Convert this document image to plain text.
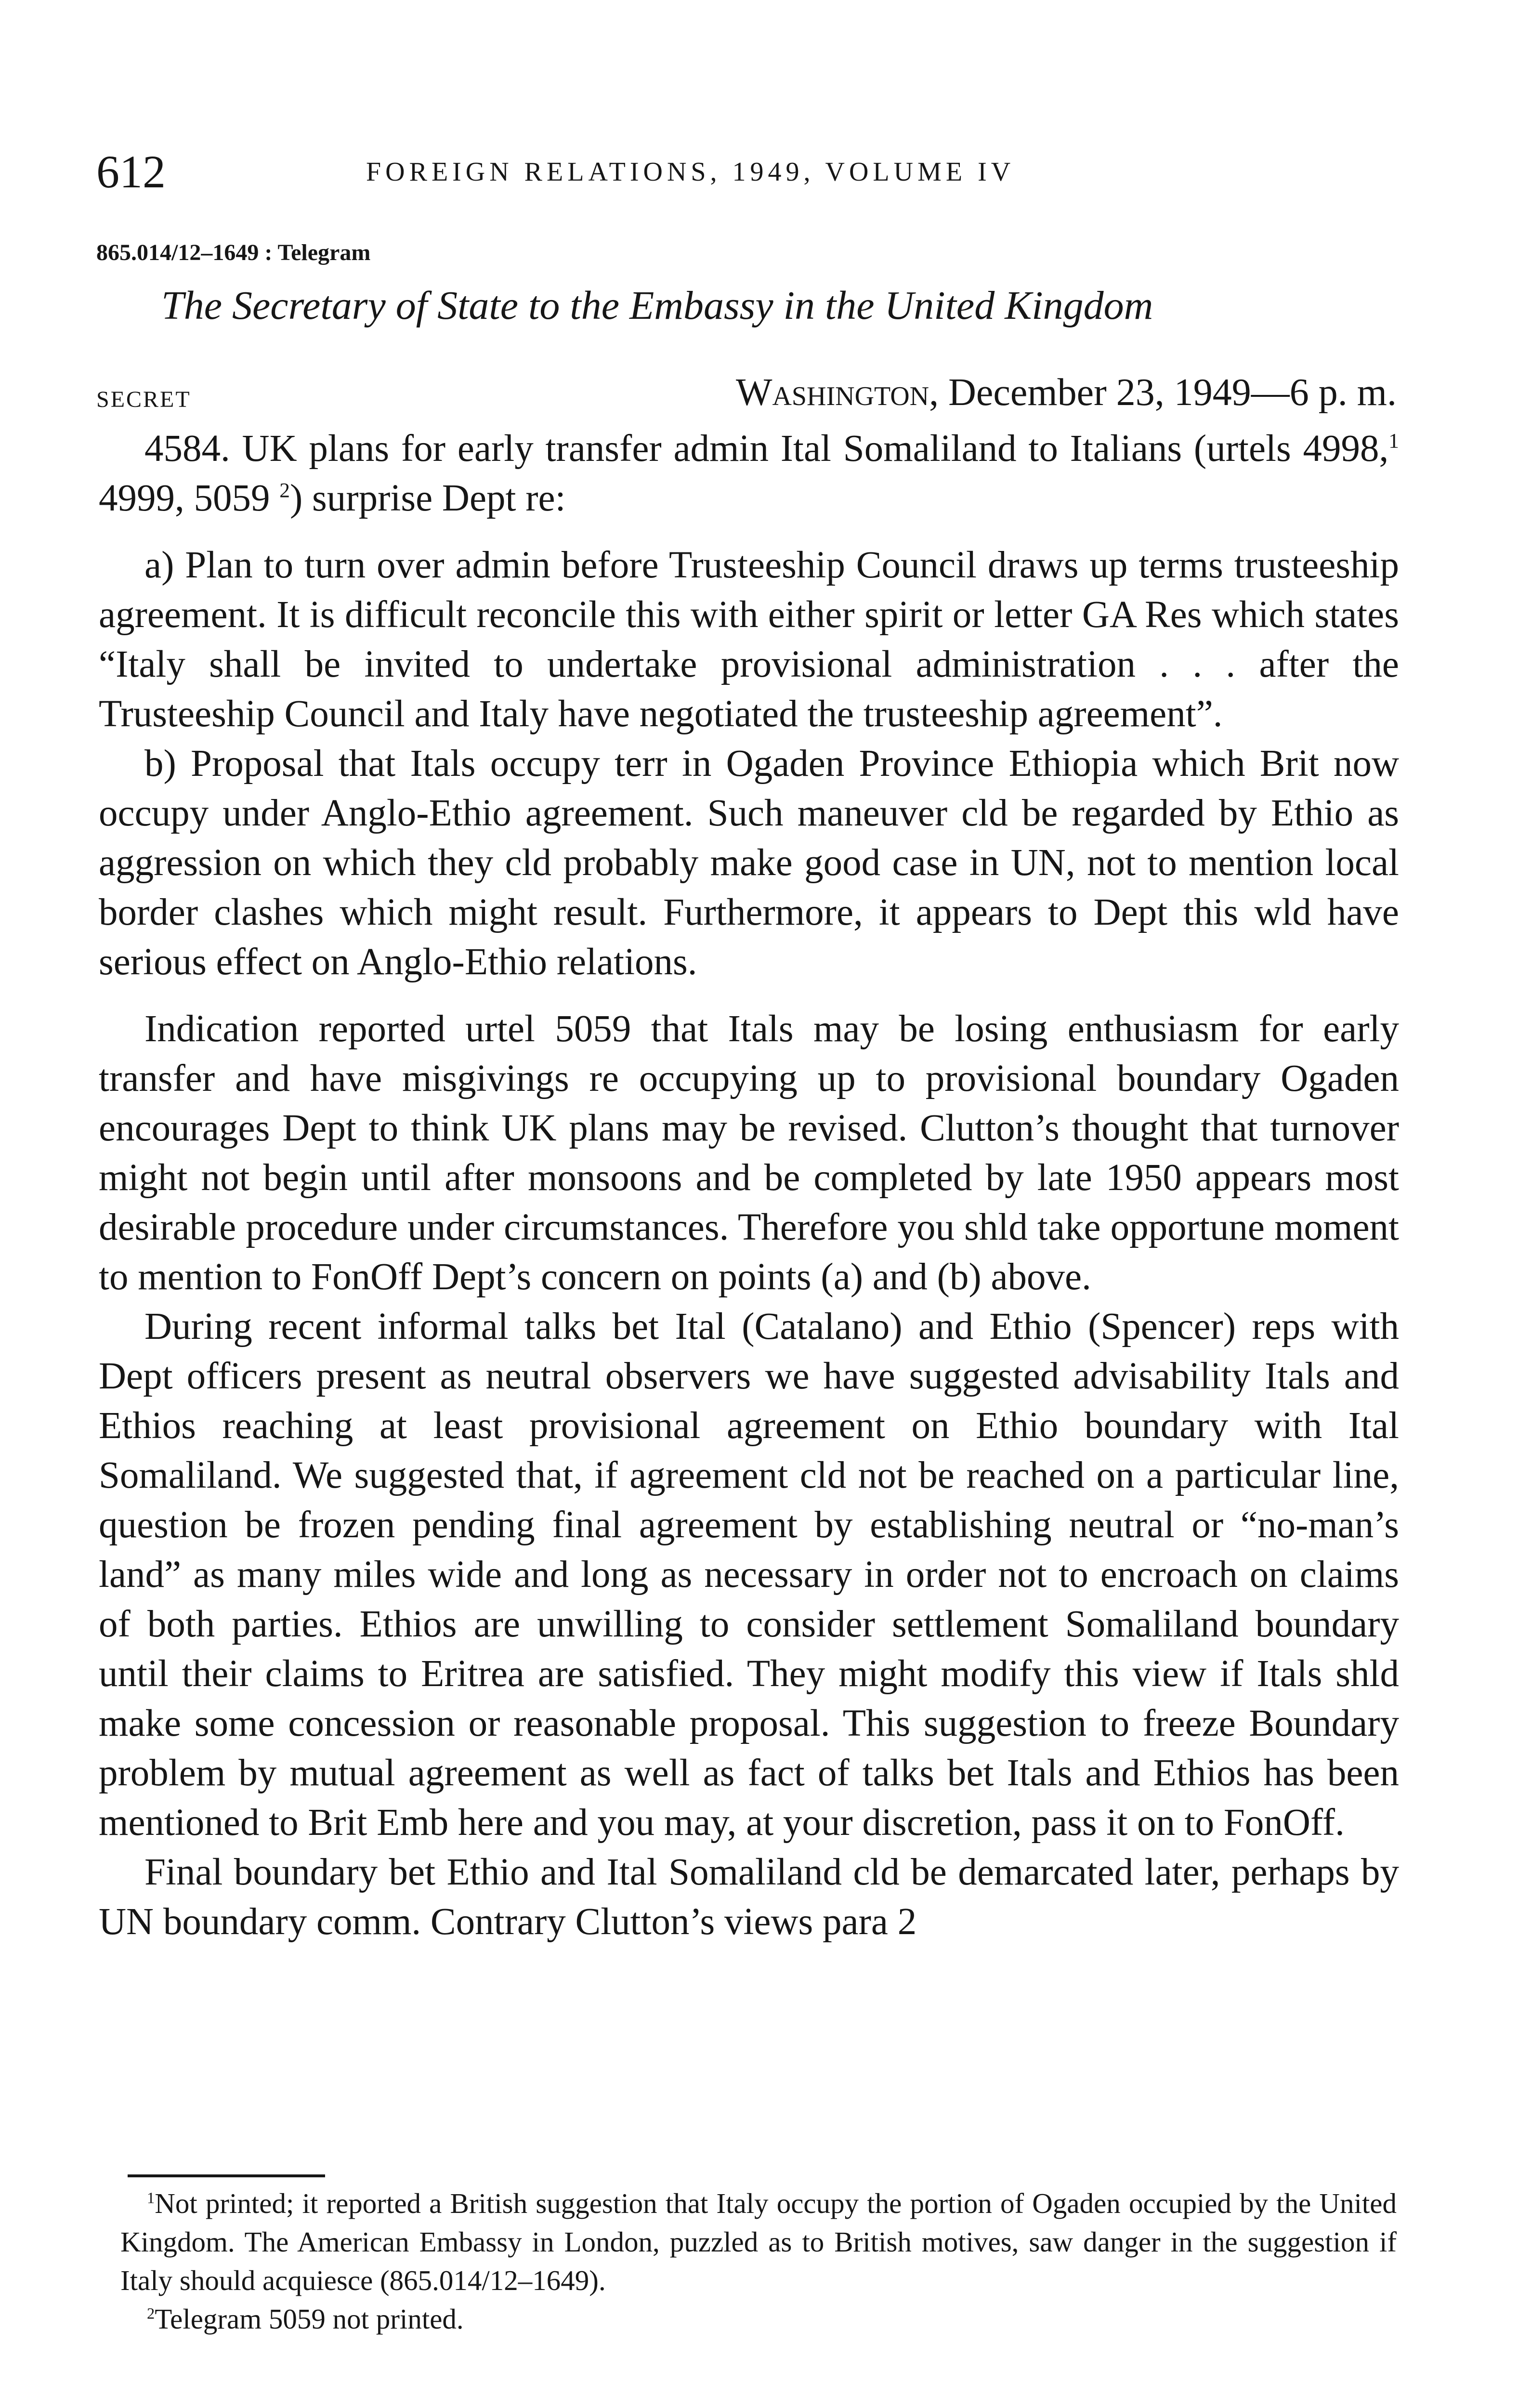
612	FOREIGN RELATIONS, 1949, VOLUME IV
865.014/12–1649 : Telegram
The Secretary of State to the Embassy in the United Kingdom
SECRET	Washington, December 23, 1949—6 p. m.

4584. UK plans for early transfer admin Ital Somaliland to Italians (urtels 4998,$^1$ 4999, 5059 $^2$) surprise Dept re:

a) Plan to turn over admin before Trusteeship Council draws up terms trusteeship agreement. It is difficult reconcile this with either spirit or letter GA Res which states “Italy shall be invited to undertake provisional administration . . . after the Trusteeship Council and Italy have negotiated the trusteeship agreement”.

b) Proposal that Itals occupy terr in Ogaden Province Ethiopia which Brit now occupy under Anglo-Ethio agreement. Such maneuver cld be regarded by Ethio as aggression on which they cld probably make good case in UN, not to mention local border clashes which might result. Furthermore, it appears to Dept this wld have serious effect on Anglo-Ethio relations.

Indication reported urtel 5059 that Itals may be losing enthusiasm for early transfer and have misgivings re occupying up to provisional boundary Ogaden encourages Dept to think UK plans may be revised. Clutton’s thought that turnover might not begin until after monsoons and be completed by late 1950 appears most desirable procedure under circumstances. Therefore you shld take opportune moment to mention to FonOff Dept’s concern on points (a) and (b) above.

During recent informal talks bet Ital (Catalano) and Ethio (Spencer) reps with Dept officers present as neutral observers we have suggested advisability Itals and Ethios reaching at least provisional agreement on Ethio boundary with Ital Somaliland. We suggested that, if agreement cld not be reached on a particular line, question be frozen pending final agreement by establishing neutral or “no-man’s land” as many miles wide and long as necessary in order not to encroach on claims of both parties. Ethios are unwilling to consider settlement Somaliland boundary until their claims to Eritrea are satisfied. They might modify this view if Itals shld make some concession or reasonable proposal. This suggestion to freeze Boundary problem by mutual agreement as well as fact of talks bet Itals and Ethios has been mentioned to Brit Emb here and you may, at your discretion, pass it on to FonOff.

Final boundary bet Ethio and Ital Somaliland cld be demarcated later, perhaps by UN boundary comm. Contrary Clutton’s views para 2

$^1$Not printed; it reported a British suggestion that Italy occupy the portion of Ogaden occupied by the United Kingdom. The American Embassy in London, puzzled as to British motives, saw danger in the suggestion if Italy should acquiesce (865.014/12–1649).

$^2$Telegram 5059 not printed.
